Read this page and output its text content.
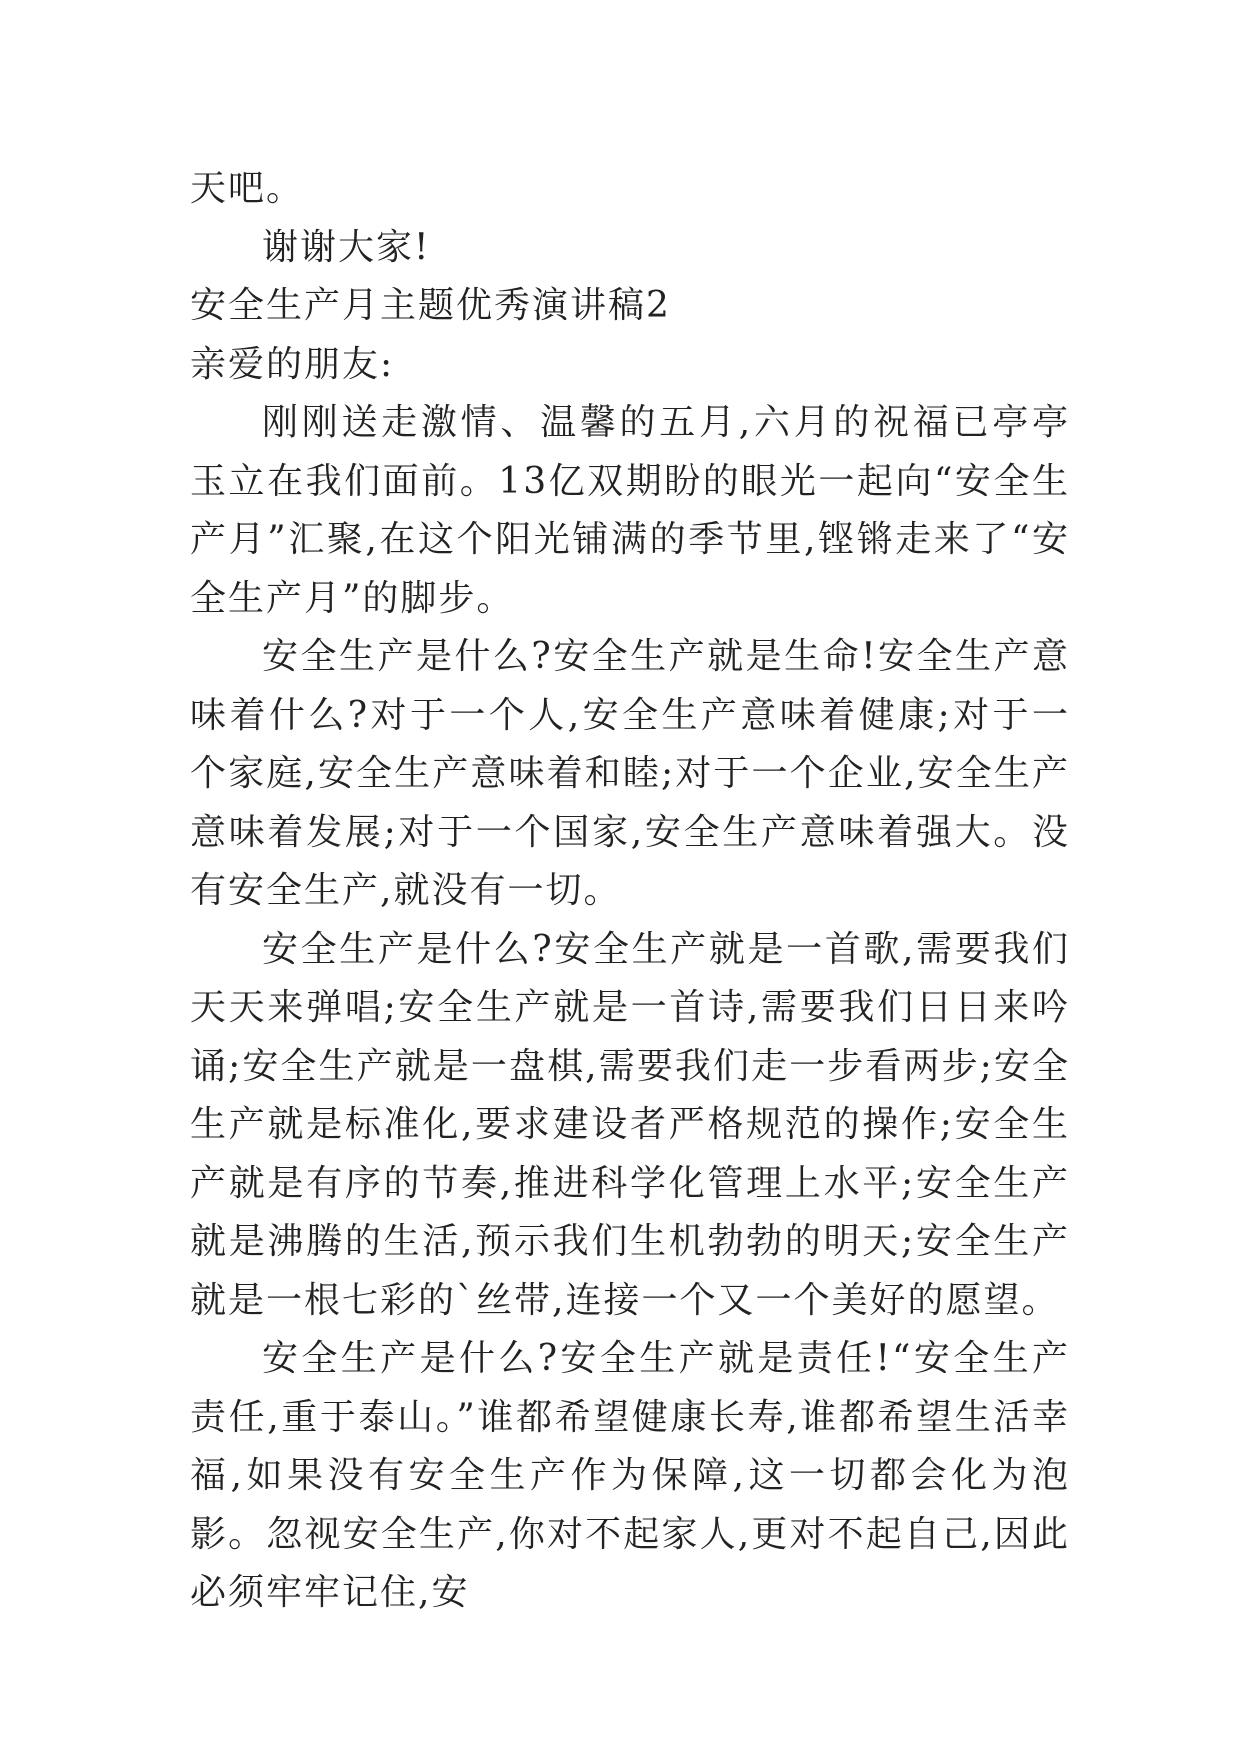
天吧。
谢谢大家!
安全生产月主题优秀演讲稿2
亲爱的朋友:

刚刚送走激情、温馨的五月,六月的祝福已亭亭玉立在我们面前。13亿双期盼的眼光一起向“安全生产月”汇聚,在这个阳光铺满的季节里,铿锵走来了“安全生产月”的脚步。

安全生产是什么?安全生产就是生命!安全生产意味着什么?对于一个人,安全生产意味着健康;对于一个家庭,安全生产意味着和睦;对于一个企业,安全生产意味着发展;对于一个国家,安全生产意味着强大。没有安全生产,就没有一切。

安全生产是什么?安全生产就是一首歌,需要我们天天来弹唱;安全生产就是一首诗,需要我们日日来吟诵;安全生产就是一盘棋,需要我们走一步看两步;安全生产就是标准化,要求建设者严格规范的操作;安全生产就是有序的节奏,推进科学化管理上水平;安全生产就是沸腾的生活,预示我们生机勃勃的明天;安全生产就是一根七彩的`丝带,连接一个又一个美好的愿望。

安全生产是什么?安全生产就是责任!“安全生产责任,重于泰山。”谁都希望健康长寿,谁都希望生活幸福,如果没有安全生产作为保障,这一切都会化为泡影。忽视安全生产,你对不起家人,更对不起自己,因此必须牢牢记住,安
